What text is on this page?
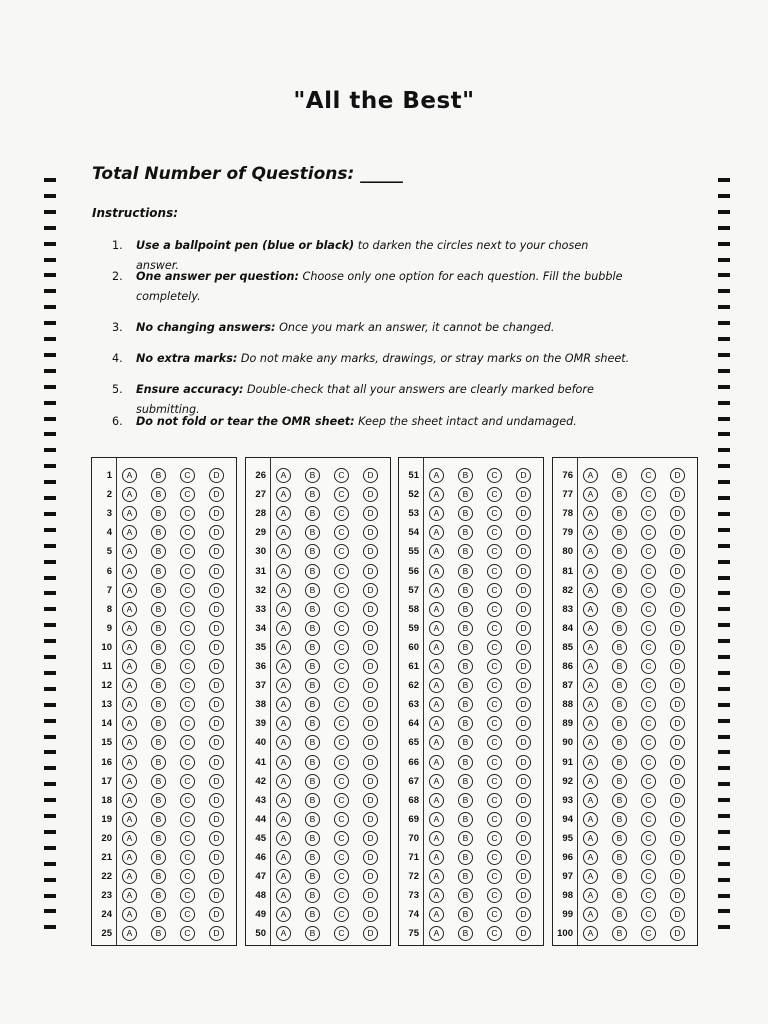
"All the Best"
Total Number of Questions: _____
Instructions:
1. Use a ballpoint pen (blue or black) to darken the circles next to your chosen answer.
2. One answer per question: Choose only one option for each question. Fill the bubble completely.
3. No changing answers: Once you mark an answer, it cannot be changed.
4. No extra marks: Do not make any marks, drawings, or stray marks on the OMR sheet.
5. Ensure accuracy: Double-check that all your answers are clearly marked before submitting.
6. Do not fold or tear the OMR sheet: Keep the sheet intact and undamaged.
1	A	B	C	D
2	A	B	C	D
3	A	B	C	D
4	A	B	C	D
5	A	B	C	D
6	A	B	C	D
7	A	B	C	D
8	A	B	C	D
9	A	B	C	D
10	A	B	C	D
11	A	B	C	D
12	A	B	C	D
13	A	B	C	D
14	A	B	C	D
15	A	B	C	D
16	A	B	C	D
17	A	B	C	D
18	A	B	C	D
19	A	B	C	D
20	A	B	C	D
21	A	B	C	D
22	A	B	C	D
23	A	B	C	D
24	A	B	C	D
25	A	B	C	D
26	A	B	C	D
27	A	B	C	D
28	A	B	C	D
29	A	B	C	D
30	A	B	C	D
31	A	B	C	D
32	A	B	C	D
33	A	B	C	D
34	A	B	C	D
35	A	B	C	D
36	A	B	C	D
37	A	B	C	D
38	A	B	C	D
39	A	B	C	D
40	A	B	C	D
41	A	B	C	D
42	A	B	C	D
43	A	B	C	D
44	A	B	C	D
45	A	B	C	D
46	A	B	C	D
47	A	B	C	D
48	A	B	C	D
49	A	B	C	D
50	A	B	C	D
51	A	B	C	D
52	A	B	C	D
53	A	B	C	D
54	A	B	C	D
55	A	B	C	D
56	A	B	C	D
57	A	B	C	D
58	A	B	C	D
59	A	B	C	D
60	A	B	C	D
61	A	B	C	D
62	A	B	C	D
63	A	B	C	D
64	A	B	C	D
65	A	B	C	D
66	A	B	C	D
67	A	B	C	D
68	A	B	C	D
69	A	B	C	D
70	A	B	C	D
71	A	B	C	D
72	A	B	C	D
73	A	B	C	D
74	A	B	C	D
75	A	B	C	D
76	A	B	C	D
77	A	B	C	D
78	A	B	C	D
79	A	B	C	D
80	A	B	C	D
81	A	B	C	D
82	A	B	C	D
83	A	B	C	D
84	A	B	C	D
85	A	B	C	D
86	A	B	C	D
87	A	B	C	D
88	A	B	C	D
89	A	B	C	D
90	A	B	C	D
91	A	B	C	D
92	A	B	C	D
93	A	B	C	D
94	A	B	C	D
95	A	B	C	D
96	A	B	C	D
97	A	B	C	D
98	A	B	C	D
99	A	B	C	D
100	A	B	C	D
